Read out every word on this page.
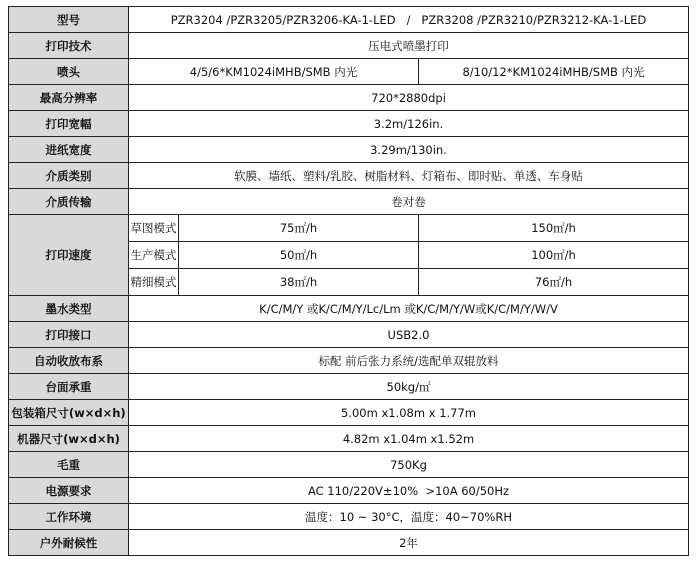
型号	PZR3204 /PZR3205/PZR3206-KA-1-LED   /   PZR3208 /PZR3210/PZR3212-KA-1-LED		
打印技术	压电式喷墨打印		
喷头	4/5/6*KM1024iMHB/SMB 内光		8/10/12*KM1024iMHB/SMB 内光
最高分辨率	720*2880dpi		
打印宽幅	3.2m/126in.		
进纸宽度	3.29m/130in.		
介质类别	软膜、墙纸、塑料/乳胶、树脂材料、灯箱布、即时贴、单透、车身贴		
介质传输	卷对卷		
打印速度	草图模式	75㎡/h	150㎡/h
	生产模式	50㎡/h	100㎡/h
	精细模式	38㎡/h	76㎡/h
墨水类型	K/C/M/Y 或K/C/M/Y/Lc/Lm 或K/C/M/Y/W或K/C/M/Y/W/V		
打印接口	USB2.0		
自动收放布系	标配 前后张力系统/选配单双辊放料		
台面承重	50kg/㎡		
包装箱尺寸(w×d×h)	5.00m x1.08m x 1.77m		
机器尺寸(w×d×h)	4.82m x1.04m x1.52m		
毛重	750Kg		
电源要求	AC 110/220V±10%  >10A 60/50Hz		
工作环境	温度：10 ~ 30°C，温度：40~70%RH		
户外耐候性	2年		
